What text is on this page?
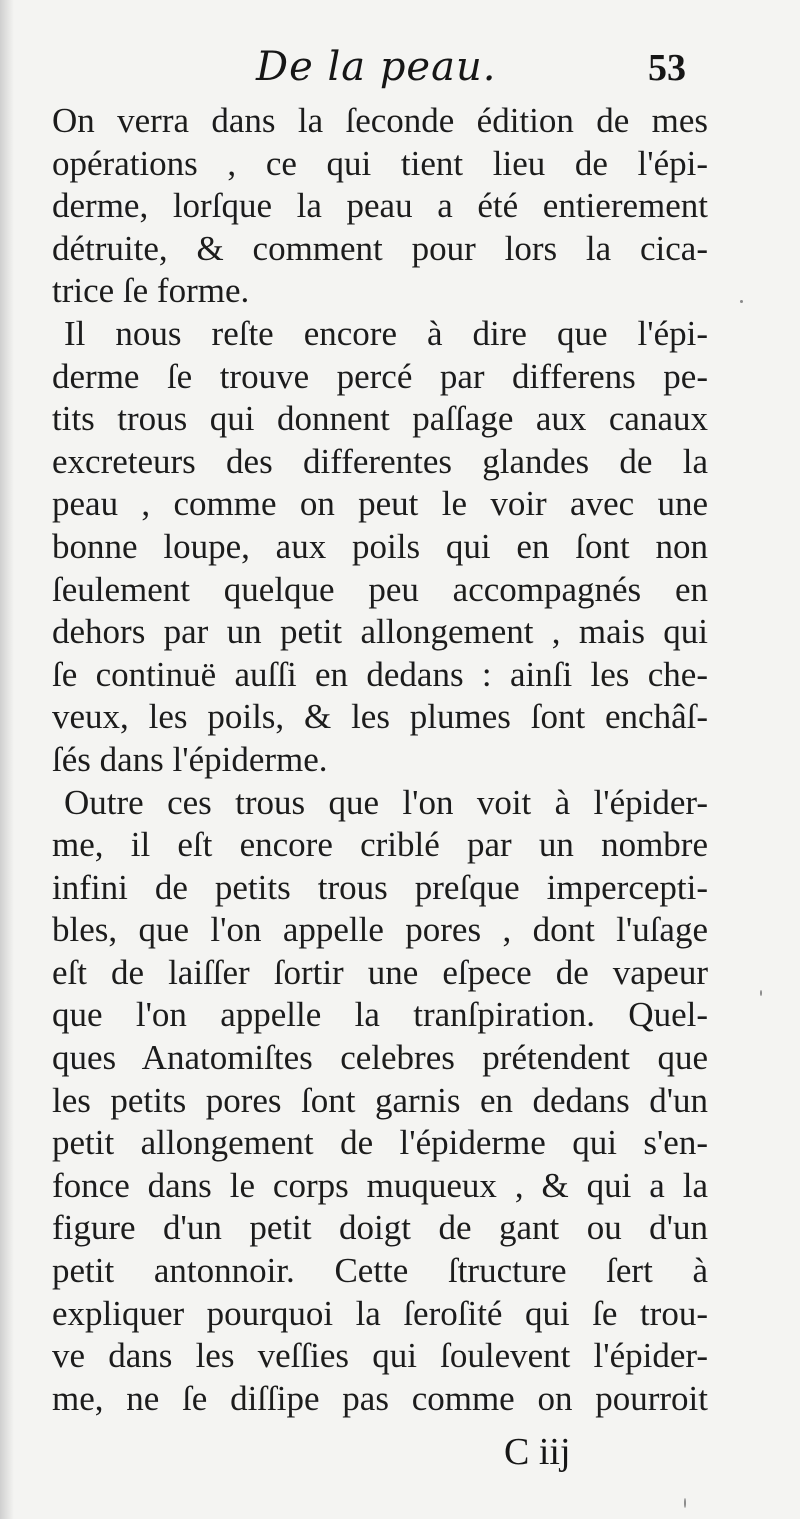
De la peau.	53
On verra dans la ſeconde édition de mes
opérations , ce qui tient lieu de l'épi-
derme, lorſque la peau a été entierement
détruite, & comment pour lors la cica-
trice ſe forme.
Il nous reſte encore à dire que l'épi-
derme ſe trouve percé par differens pe-
tits trous qui donnent paſſage aux canaux
excreteurs des differentes glandes de la
peau , comme on peut le voir avec une
bonne loupe, aux poils qui en ſont non
ſeulement quelque peu accompagnés en
dehors par un petit allongement , mais qui
ſe continuë auſſi en dedans : ainſi les che-
veux, les poils, & les plumes ſont enchâſ-
ſés dans l'épiderme.
Outre ces trous que l'on voit à l'épider-
me, il eſt encore criblé par un nombre
infini de petits trous preſque imperceptі-
bles, que l'on appelle pores , dont l'uſage
eſt de laiſſer ſortir une eſpece de vapeur
que l'on appelle la tranſpiration. Quel-
ques Anatomiſtes celebres prétendent que
les petits pores ſont garnis en dedans d'un
petit allongement de l'épiderme qui s'en-
fonce dans le corps muqueux , & qui a la
figure d'un petit doigt de gant ou d'un
petit antonnoir. Cette ſtructure ſert à
expliquer pourquoi la ſeroſité qui ſe trou-
ve dans les veſſies qui ſoulevent l'épider-
me, ne ſe diſſipe pas comme on pourroit
C iij
